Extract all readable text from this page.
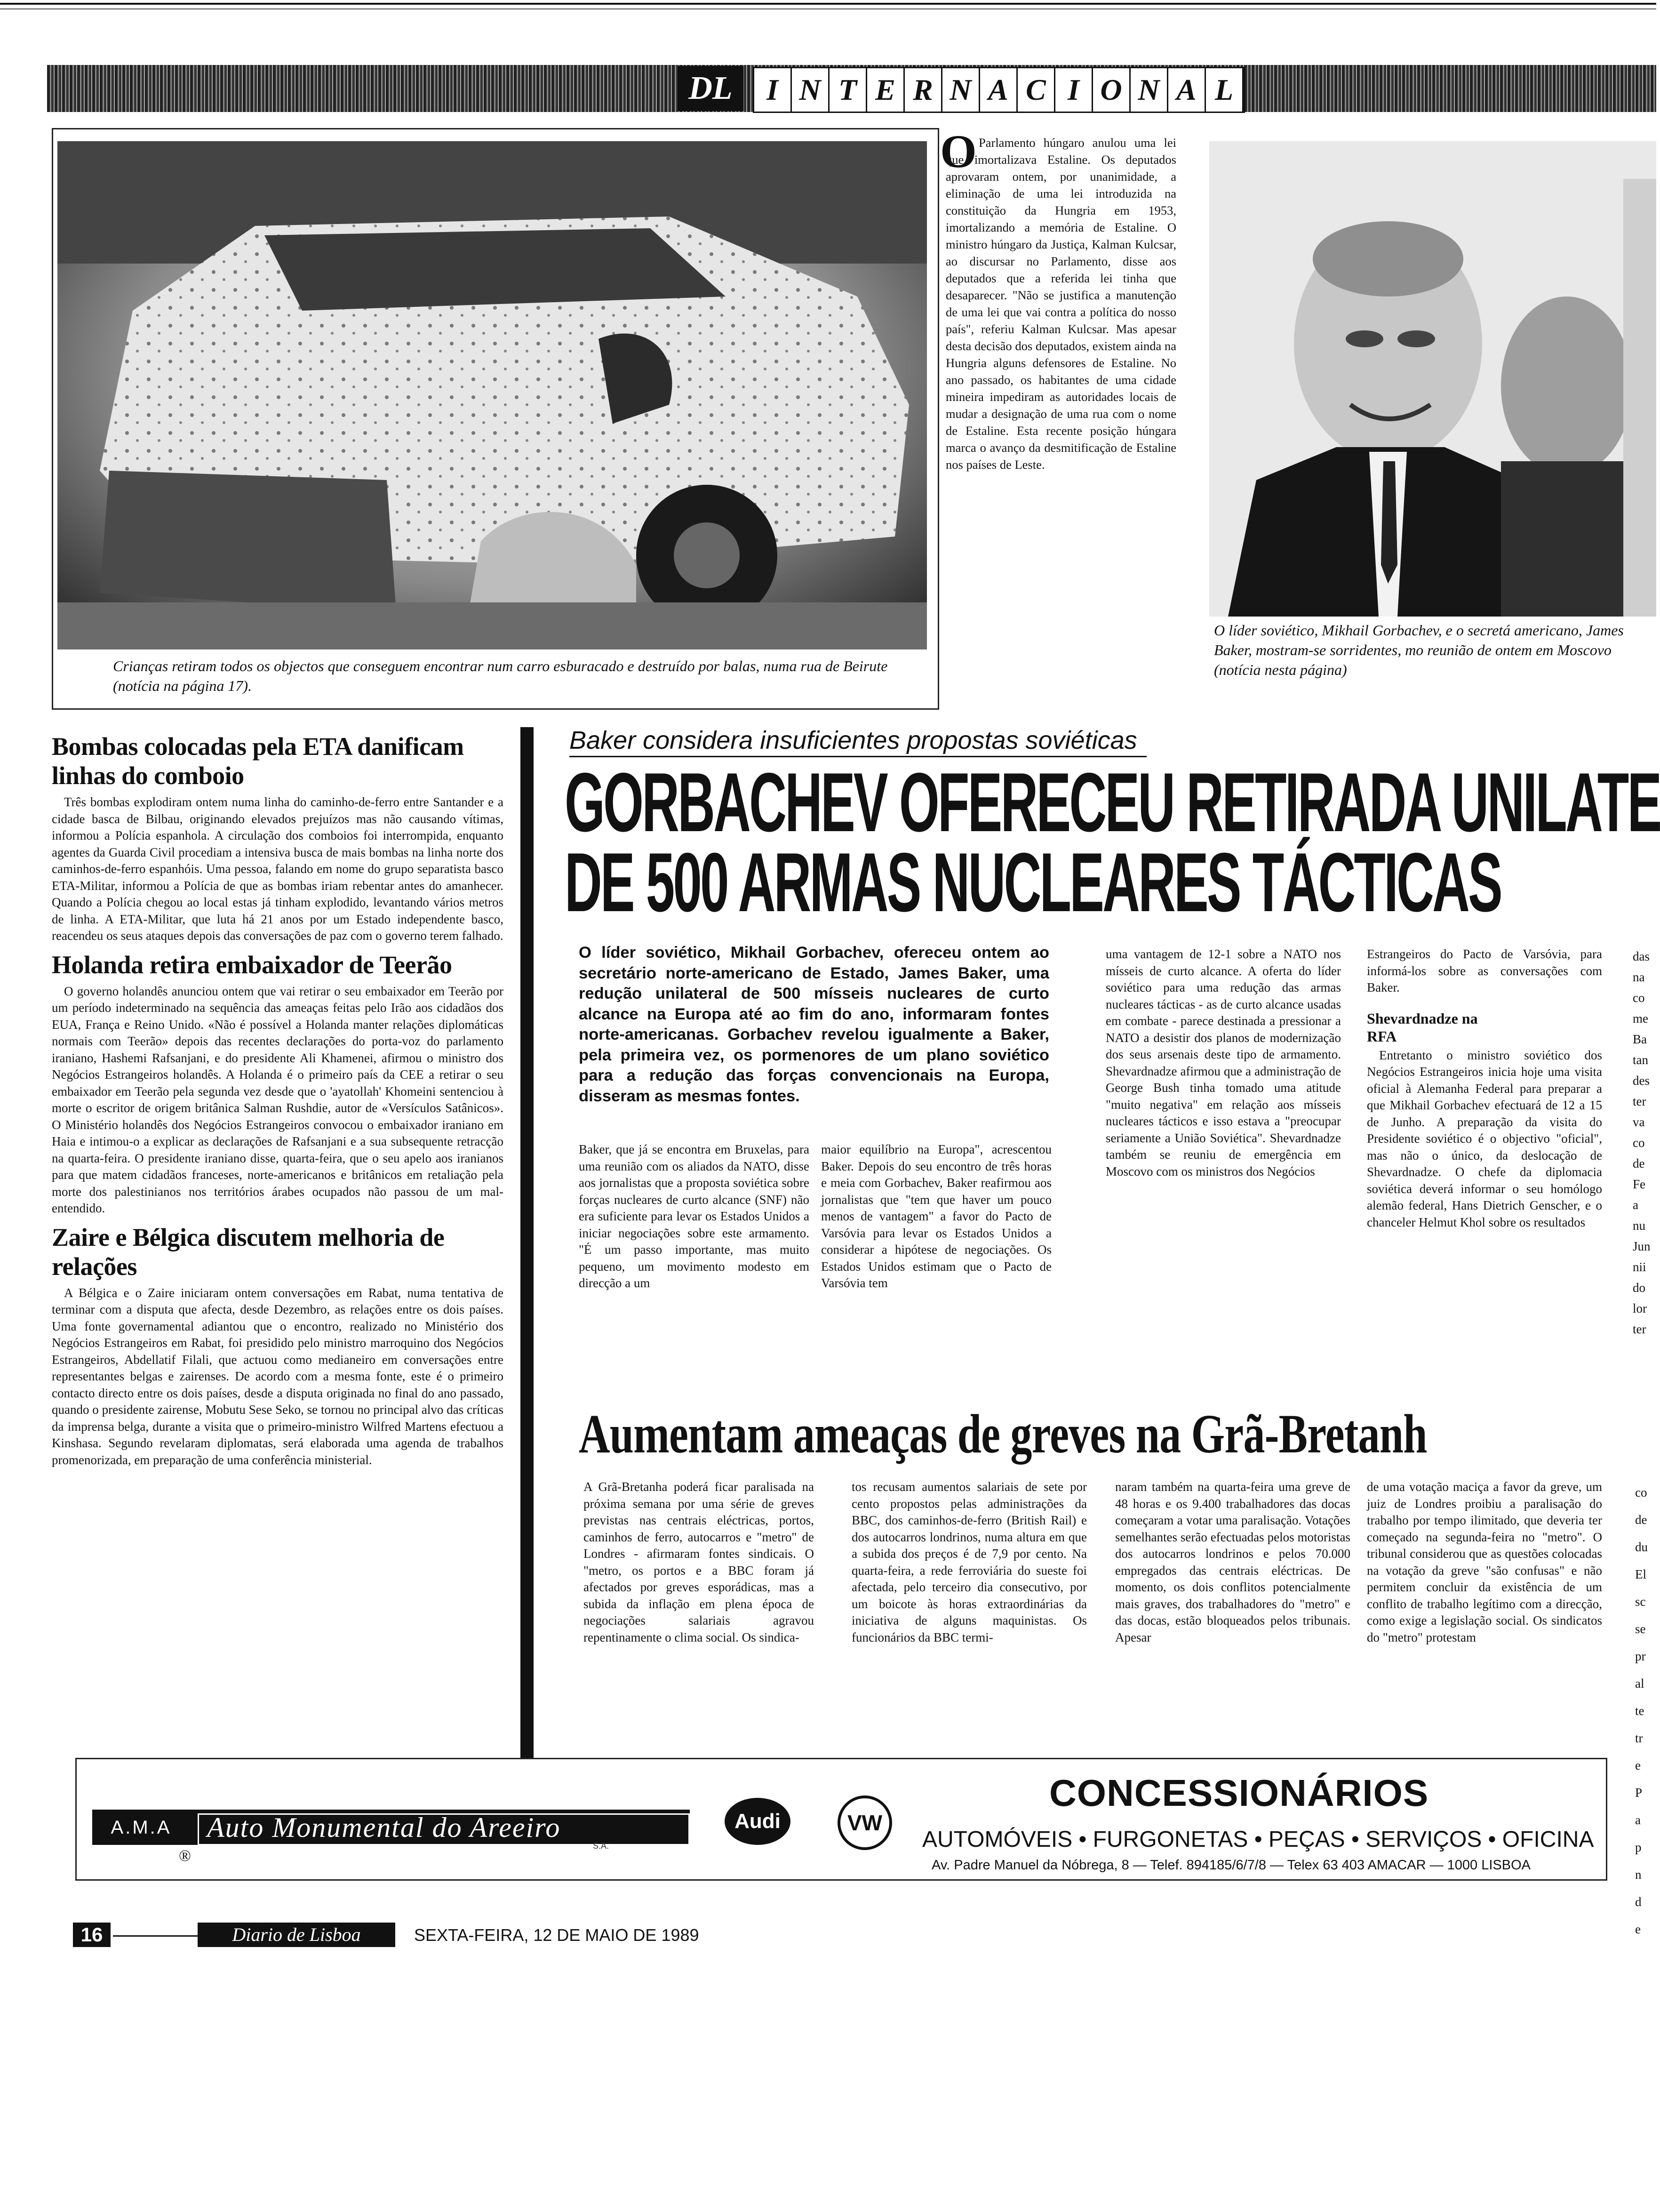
DL	I N T E R N A C I O N A L

Crianças retiram todos os objectos que conseguem encontrar num carro esburacado e destruído por balas, numa rua de Beirute (notícia na página 17).

O Parlamento húngaro anulou uma lei que imortalizava Estaline. Os deputados aprovaram ontem, por unanimidade, a eliminação de uma lei introduzida na constituição da Hungria em 1953, imortalizando a memória de Estaline. O ministro húngaro da Justiça, Kalman Kulcsar, ao discursar no Parlamento, disse aos deputados que a referida lei tinha que desaparecer. "Não se justifica a manutenção de uma lei que vai contra a política do nosso país", referiu Kalman Kulcsar. Mas apesar desta decisão dos deputados, existem ainda na Hungria alguns defensores de Estaline. No ano passado, os habitantes de uma cidade mineira impediram as autoridades locais de mudar a designação de uma rua com o nome de Estaline. Esta recente posição húngara marca o avanço da desmitificação de Estaline nos países de Leste.

O líder soviético, Mikhail Gorbachev, e o secretá americano, James Baker, mostram-se sorridentes, mo reunião de ontem em Moscovo (notícia nesta página)

Bombas colocadas pela ETA danificam linhas do comboio
Três bombas explodiram ontem numa linha do caminho-de-ferro entre Santander e a cidade basca de Bilbau, originando elevados prejuízos mas não causando vítimas, informou a Polícia espanhola. A circulação dos comboios foi interrompida, enquanto agentes da Guarda Civil procediam a intensiva busca de mais bombas na linha norte dos caminhos-de-ferro espanhóis. Uma pessoa, falando em nome do grupo separatista basco ETA-Militar, informou a Polícia de que as bombas iriam rebentar antes do amanhecer. Quando a Polícia chegou ao local estas já tinham explodido, levantando vários metros de linha. A ETA-Militar, que luta há 21 anos por um Estado independente basco, reacendeu os seus ataques depois das conversações de paz com o governo terem falhado.
Holanda retira embaixador de Teerão
O governo holandês anunciou ontem que vai retirar o seu embaixador em Teerão por um período indeterminado na sequência das ameaças feitas pelo Irão aos cidadãos dos EUA, França e Reino Unido. «Não é possível a Holanda manter relações diplomáticas normais com Teerão» depois das recentes declarações do porta-voz do parlamento iraniano, Hashemi Rafsanjani, e do presidente Ali Khamenei, afirmou o ministro dos Negócios Estrangeiros holandês. A Holanda é o primeiro país da CEE a retirar o seu embaixador em Teerão pela segunda vez desde que o 'ayatollah' Khomeini sentenciou à morte o escritor de origem britânica Salman Rushdie, autor de «Versículos Satânicos». O Ministério holandês dos Negócios Estrangeiros convocou o embaixador iraniano em Haia e intimou-o a explicar as declarações de Rafsanjani e a sua subsequente retracção na quarta-feira. O presidente iraniano disse, quarta-feira, que o seu apelo aos iranianos para que matem cidadãos franceses, norte-americanos e britânicos em retaliação pela morte dos palestinianos nos territórios árabes ocupados não passou de um mal-entendido.
Zaire e Bélgica discutem melhoria de relações
A Bélgica e o Zaire iniciaram ontem conversações em Rabat, numa tentativa de terminar com a disputa que afecta, desde Dezembro, as relações entre os dois países. Uma fonte governamental adiantou que o encontro, realizado no Ministério dos Negócios Estrangeiros em Rabat, foi presidido pelo ministro marroquino dos Negócios Estrangeiros, Abdellatif Filali, que actuou como medianeiro em conversações entre representantes belgas e zairenses. De acordo com a mesma fonte, este é o primeiro contacto directo entre os dois países, desde a disputa originada no final do ano passado, quando o presidente zairense, Mobutu Sese Seko, se tornou no principal alvo das críticas da imprensa belga, durante a visita que o primeiro-ministro Wilfred Martens efectuou a Kinshasa. Segundo revelaram diplomatas, será elaborada uma agenda de trabalhos promenorizada, em preparação de uma conferência ministerial.
Baker considera insuficientes propostas soviéticas
GORBACHEV OFERECEU RETIRADA UNILATE
DE 500 ARMAS NUCLEARES TÁCTICAS
O líder soviético, Mikhail Gorbachev, ofereceu ontem ao secretário norte-americano de Estado, James Baker, uma redução unilateral de 500 mísseis nucleares de curto alcance na Europa até ao fim do ano, informaram fontes norte-americanas. Gorbachev revelou igualmente a Baker, pela primeira vez, os pormenores de um plano soviético para a redução das forças convencionais na Europa, disseram as mesmas fontes.
Baker, que já se encontra em Bruxelas, para uma reunião com os aliados da NATO, disse aos jornalistas que a proposta soviética sobre forças nucleares de curto alcance (SNF) não era suficiente para levar os Estados Unidos a iniciar negociações sobre este armamento. "É um passo importante, mas muito pequeno, um movimento modesto em direcção a um
maior equilíbrio na Europa", acrescentou Baker. Depois do seu encontro de três horas e meia com Gorbachev, Baker reafirmou aos jornalistas que "tem que haver um pouco menos de vantagem" a favor do Pacto de Varsóvia para levar os Estados Unidos a considerar a hipótese de negociações. Os Estados Unidos estimam que o Pacto de Varsóvia tem
uma vantagem de 12-1 sobre a NATO nos mísseis de curto alcance. A oferta do líder soviético para uma redução das armas nucleares tácticas - as de curto alcance usadas em combate - parece destinada a pressionar a NATO a desistir dos planos de modernização dos seus arsenais deste tipo de armamento. Shevardnadze afirmou que a administração de George Bush tinha tomado uma atitude "muito negativa" em relação aos mísseis nucleares tácticos e isso estava a "preocupar seriamente a União Soviética". Shevardnadze também se reuniu de emergência em Moscovo com os ministros dos Negócios
Estrangeiros do Pacto de Varsóvia, para informá-los sobre as conversações com Baker.
Shevardnadze na RFA
Entretanto o ministro soviético dos Negócios Estrangeiros inicia hoje uma visita oficial à Alemanha Federal para preparar a que Mikhail Gorbachev efectuará de 12 a 15 de Junho. A preparação da visita do Presidente soviético é o objectivo "oficial", mas não o único, da deslocação de Shevardnadze. O chefe da diplomacia soviética deverá informar o seu homólogo alemão federal, Hans Dietrich Genscher, e o chanceler Helmut Khol sobre os resultados
das na co me Ba tan des ter va co de Fe a nu Jun nii do lor ter
Aumentam ameaças de greves na Grã-Bretanh
A Grã-Bretanha poderá ficar paralisada na próxima semana por uma série de greves previstas nas centrais eléctricas, portos, caminhos de ferro, autocarros e "metro" de Londres - afirmaram fontes sindicais. O "metro, os portos e a BBC foram já afectados por greves esporádicas, mas a subida da inflação em plena época de negociações salariais agravou repentinamente o clima social. Os sindica-
tos recusam aumentos salariais de sete por cento propostos pelas administrações da BBC, dos caminhos-de-ferro (British Rail) e dos autocarros londrinos, numa altura em que a subida dos preços é de 7,9 por cento. Na quarta-feira, a rede ferroviária do sueste foi afectada, pelo terceiro dia consecutivo, por um boicote às horas extraordinárias da iniciativa de alguns maquinistas. Os funcionários da BBC termi-
naram também na quarta-feira uma greve de 48 horas e os 9.400 trabalhadores das docas começaram a votar uma paralisação. Votações semelhantes serão efectuadas pelos motoristas dos autocarros londrinos e pelos 70.000 empregados das centrais eléctricas. De momento, os dois conflitos potencialmente mais graves, dos trabalhadores do "metro" e das docas, estão bloqueados pelos tribunais. Apesar
de uma votação maciça a favor da greve, um juiz de Londres proibiu a paralisação do trabalho por tempo ilimitado, que deveria ter começado na segunda-feira no "metro". O tribunal considerou que as questões colocadas na votação da greve "são confusas" e não permitem concluir da existência de um conflito de trabalho legítimo com a direcção, como exige a legislação social. Os sindicatos do "metro" protestam
co de du El sc se pr al te tr e P a p n d e
A.M.A	Auto Monumental do Areeiro
S.A.
®
Audi	VW
CONCESSIONÁRIOS
AUTOMÓVEIS • FURGONETAS • PEÇAS • SERVIÇOS • OFICINA
Av. Padre Manuel da Nóbrega, 8 — Telef. 894185/6/7/8 — Telex 63 403 AMACAR — 1000 LISBOA
16	Diario de Lisboa	SEXTA-FEIRA, 12 DE MAIO DE 1989
